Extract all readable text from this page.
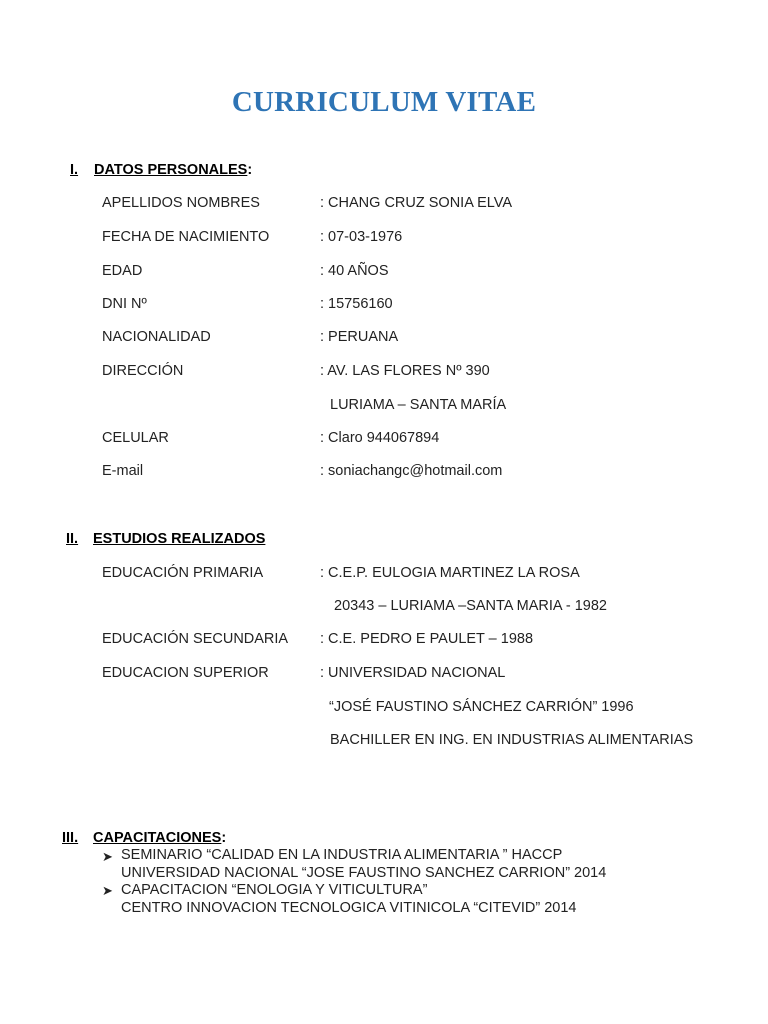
CURRICULUM VITAE
I. DATOS PERSONALES:
APELLIDOS NOMBRES	: CHANG CRUZ SONIA ELVA
FECHA DE NACIMIENTO	: 07-03-1976
EDAD	: 40 AÑOS
DNI Nº	: 15756160
NACIONALIDAD	: PERUANA
DIRECCIÓN	: AV. LAS FLORES Nº 390
LURIAMA – SANTA MARÍA
CELULAR	: Claro 944067894
E-mail	: soniachangc@hotmail.com
II. ESTUDIOS REALIZADOS
EDUCACIÓN PRIMARIA	: C.E.P. EULOGIA MARTINEZ LA ROSA
20343 – LURIAMA –SANTA MARIA - 1982
EDUCACIÓN SECUNDARIA : C.E. PEDRO E PAULET – 1988
EDUCACION SUPERIOR	: UNIVERSIDAD NACIONAL
“JOSÉ FAUSTINO SÁNCHEZ CARRIÓN” 1996
BACHILLER EN ING. EN INDUSTRIAS ALIMENTARIAS
III. CAPACITACIONES:
➤ SEMINARIO “CALIDAD EN LA INDUSTRIA ALIMENTARIA ” HACCP
UNIVERSIDAD NACIONAL “JOSE FAUSTINO SANCHEZ CARRION” 2014
➤ CAPACITACION “ENOLOGIA Y VITICULTURA”
CENTRO INNOVACION TECNOLOGICA VITINICOLA “CITEVID” 2014
